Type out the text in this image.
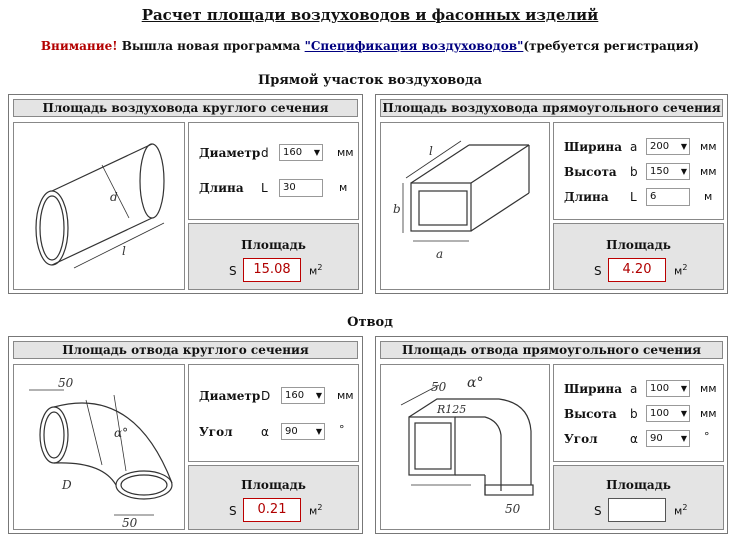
Расчет площади воздуховодов и фасонных изделий
Внимание! Вышла новая программа "Спецификация воздуховодов"(требуется регистрация)
Прямой участок воздуховода
Площадь воздуховода круглого сечения
d
l
Диаметр d	160 ▼ мм
Длина L	30	м
Площадь
S	15.08	$м^2$
Площадь воздуховода прямоугольного сечения
b
a
l	Ширина a	200 ▼ мм
Высота b	150 ▼ мм
Длина L	6	м
Площадь
S	4.20	$м^2$
Отвод
Площадь отвода круглого сечения
50
α°
D
50
Диаметр D	160 ▼ мм
Угол α	90 ▼ °
Площадь
S	0.21	$м^2$
Площадь отвода прямоугольного сечения
50 α°
R125
50
Ширина a	100 ▼ мм
Высота b	100 ▼ мм
Угол	α	90 ▼ °
Площадь
S	$м^2$
